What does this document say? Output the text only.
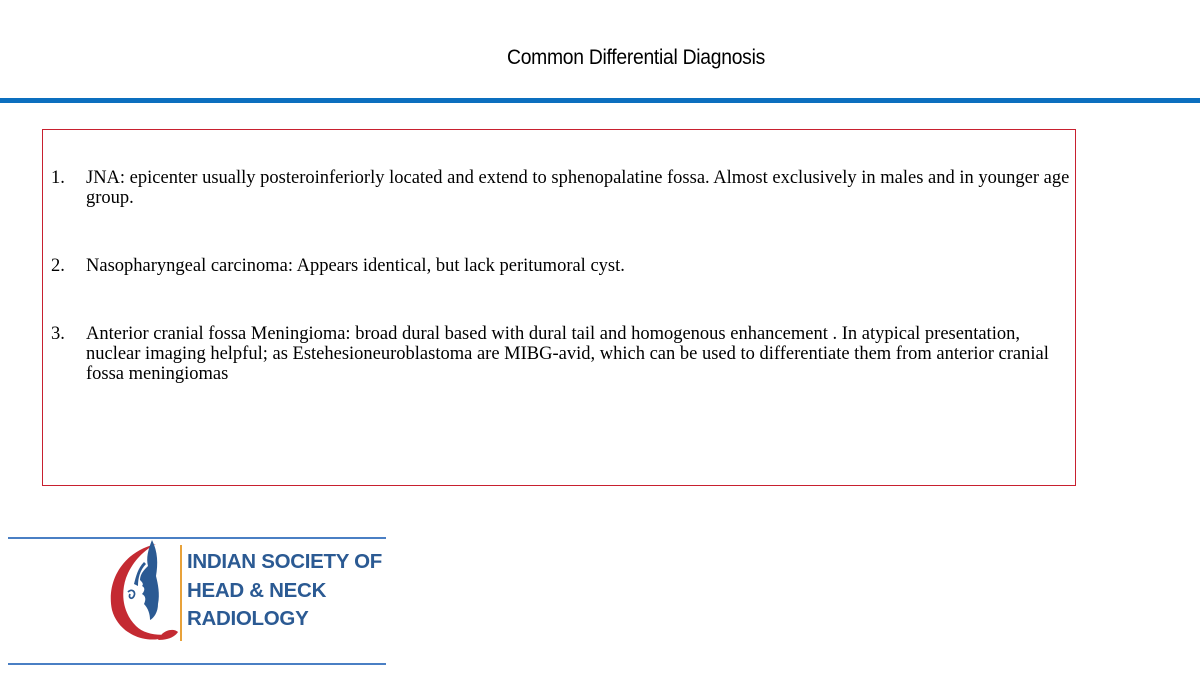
Common Differential Diagnosis
1. JNA: epicenter usually posteroinferiorly located and extend to sphenopalatine fossa. Almost exclusively in males and in younger age group.
2. Nasopharyngeal carcinoma: Appears identical, but lack peritumoral cyst.
3. Anterior cranial fossa Meningioma: broad dural based with dural tail and homogenous enhancement . In atypical presentation, nuclear imaging helpful; as Estehesioneuroblastoma are MIBG-avid, which can be used to differentiate them from anterior cranial fossa meningiomas
INDIAN SOCIETY OF
HEAD & NECK
RADIOLOGY
